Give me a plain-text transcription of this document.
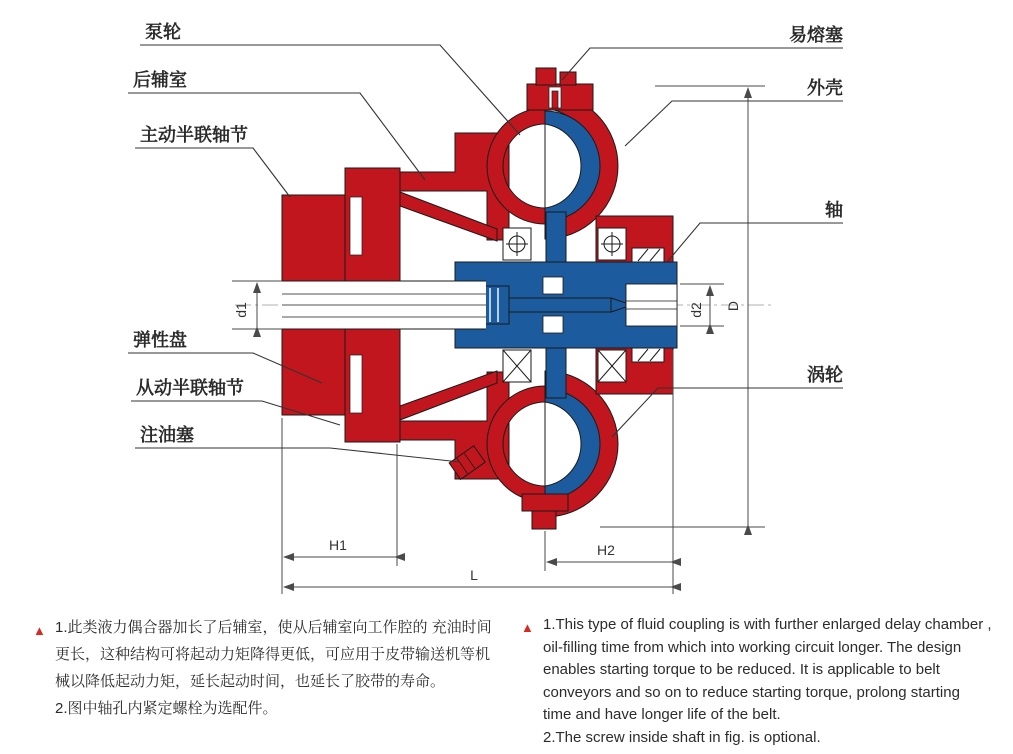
d1	d2 D
H1	H2
L
泵轮
后辅室
主动半联轴节
弹性盘
从动半联轴节
注油塞
易熔塞
外壳
轴
涡轮
▲ 1.此类液力偶合器加长了后辅室，使从后辅室向工作腔的 充油时间
更长，这种结构可将起动力矩降得更低，可应用于皮带输送机等机
械以降低起动力矩，延长起动时间，也延长了胶带的寿命。
2.图中轴孔内紧定螺栓为选配件。
▲ 1.This type of fluid coupling is with further enlarged delay chamber ,
oil-filling time from which into working circuit longer. The design
enables starting torque to be reduced. It is applicable to belt
conveyors and so on to reduce starting torque, prolong starting
time and have longer life of the belt.
2.The screw inside shaft in fig. is optional.
